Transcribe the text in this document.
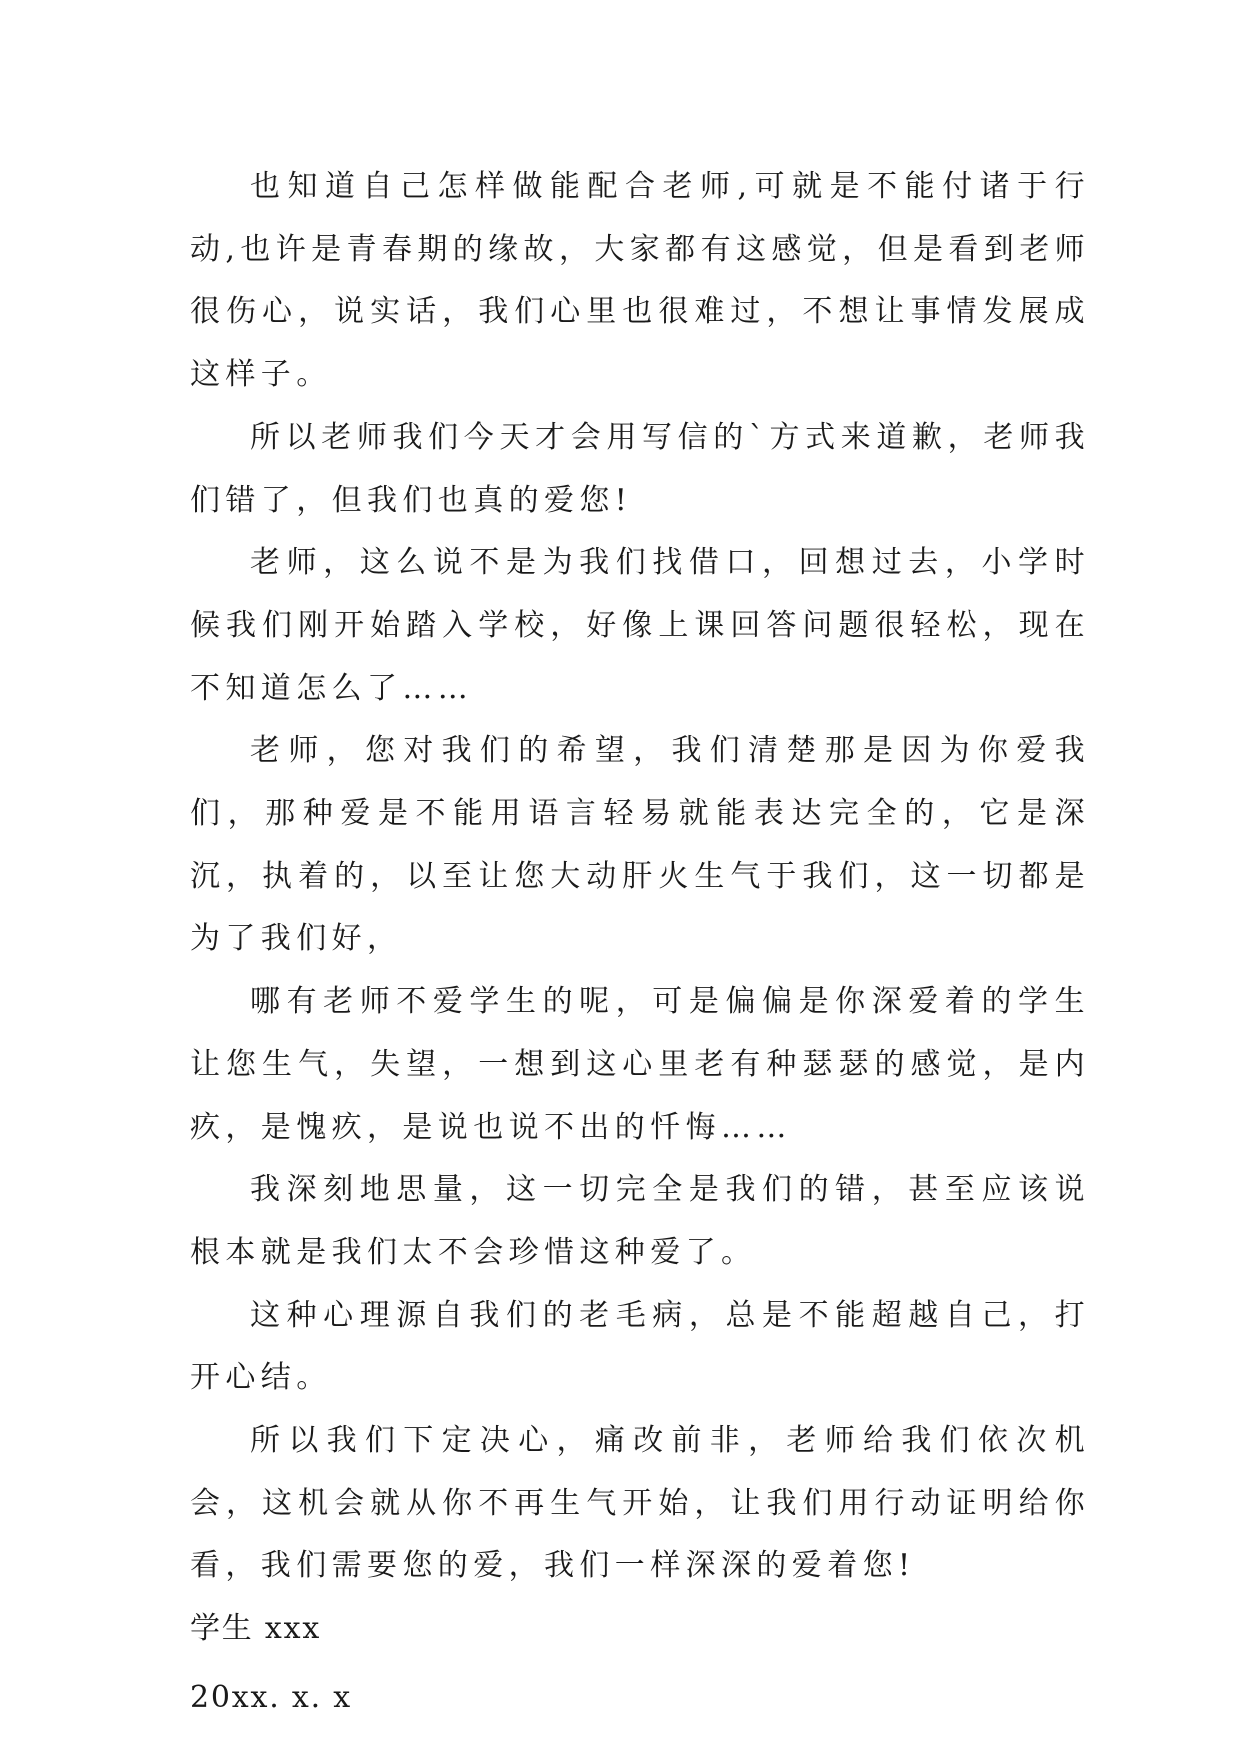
也知道自己怎样做能配合老师,可就是不能付诸于行动,也许是青春期的缘故，大家都有这感觉，但是看到老师很伤心，说实话，我们心里也很难过，不想让事情发展成这样子。

所以老师我们今天才会用写信的`方式来道歉，老师我们错了，但我们也真的爱您!

老师，这么说不是为我们找借口，回想过去，小学时候我们刚开始踏入学校，好像上课回答问题很轻松，现在不知道怎么了……

老师，您对我们的希望，我们清楚那是因为你爱我们，那种爱是不能用语言轻易就能表达完全的，它是深沉，执着的，以至让您大动肝火生气于我们，这一切都是为了我们好，

哪有老师不爱学生的呢，可是偏偏是你深爱着的学生让您生气，失望，一想到这心里老有种瑟瑟的感觉，是内疚，是愧疚，是说也说不出的忏悔……

我深刻地思量，这一切完全是我们的错，甚至应该说根本就是我们太不会珍惜这种爱了。

这种心理源自我们的老毛病，总是不能超越自己，打开心结。

所以我们下定决心，痛改前非，老师给我们依次机会，这机会就从你不再生气开始，让我们用行动证明给你看，我们需要您的爱，我们一样深深的爱着您!

学生 xxx

20xx. x. x
